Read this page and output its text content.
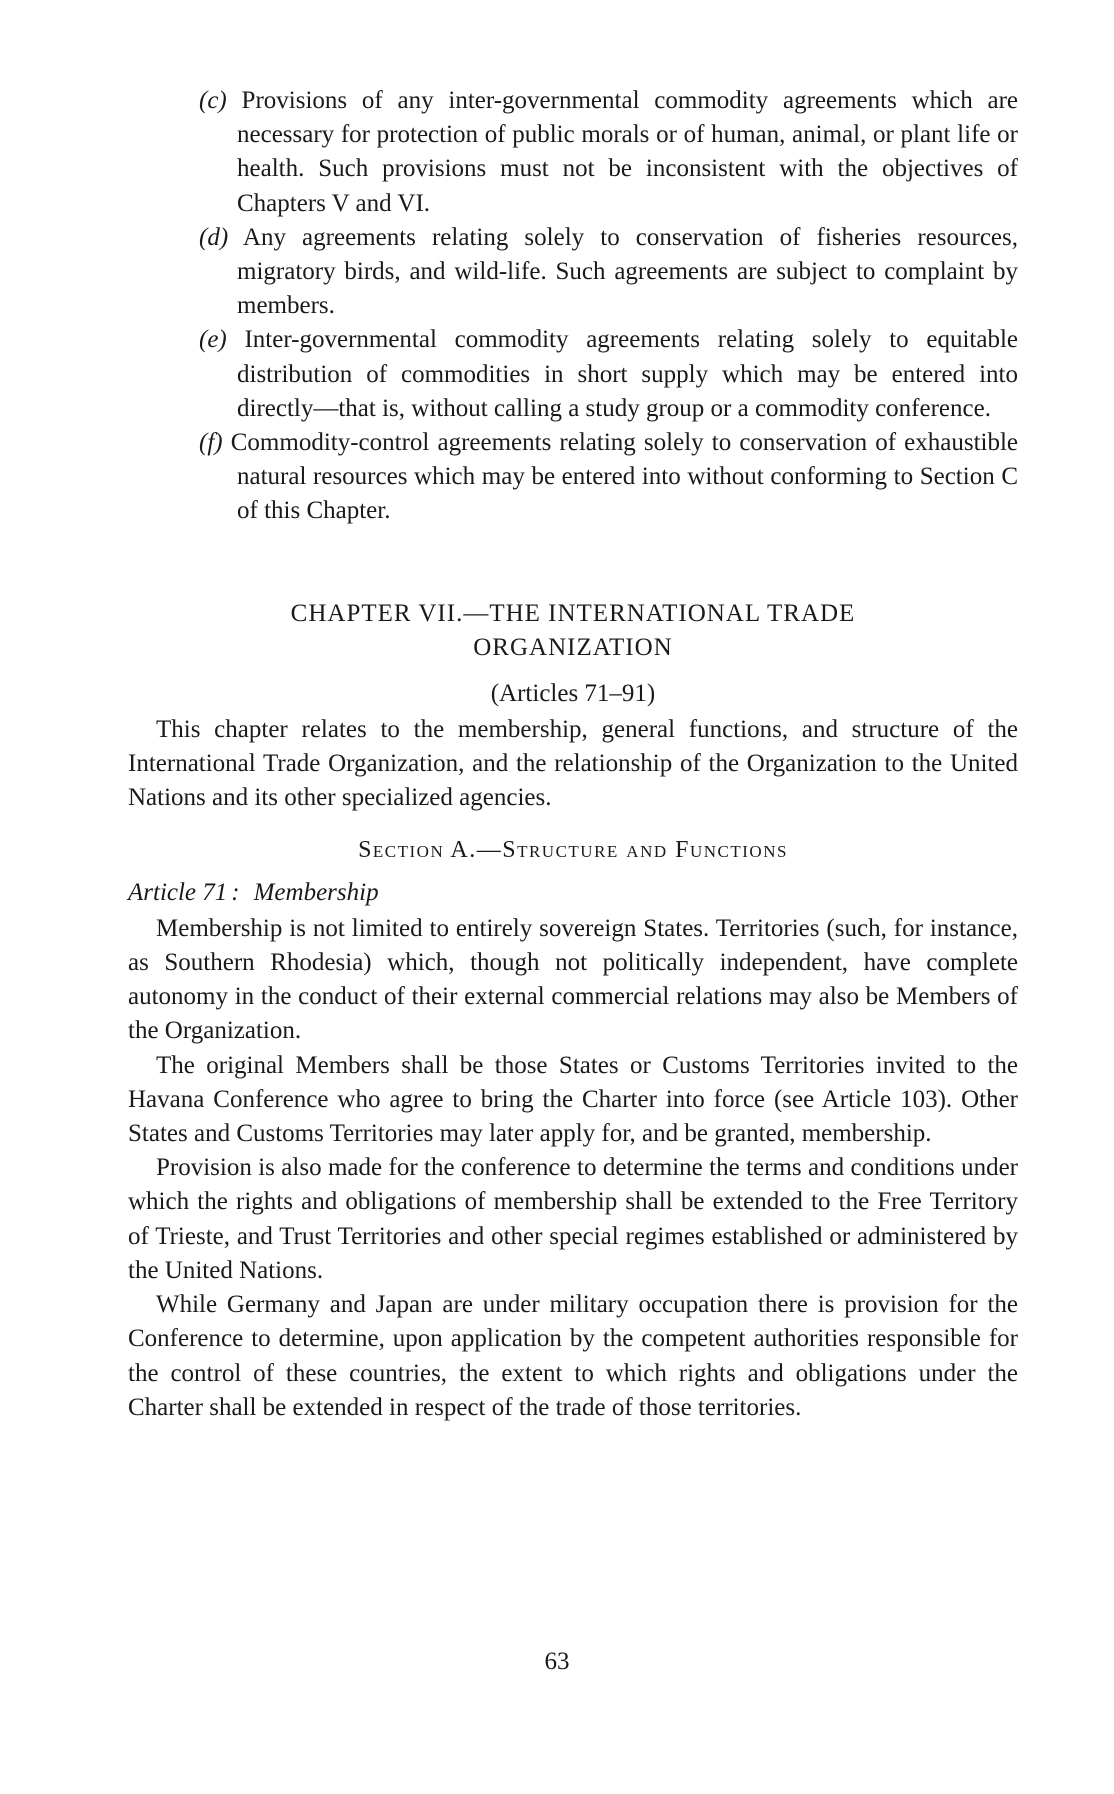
(c) Provisions of any inter-governmental commodity agreements which are necessary for protection of public morals or of human, animal, or plant life or health. Such provisions must not be inconsistent with the objectives of Chapters V and VI.
(d) Any agreements relating solely to conservation of fisheries resources, migratory birds, and wild-life. Such agreements are subject to complaint by members.
(e) Inter-governmental commodity agreements relating solely to equitable distribution of commodities in short supply which may be entered into directly—that is, without calling a study group or a commodity conference.
(f) Commodity-control agreements relating solely to conservation of exhaustible natural resources which may be entered into without conforming to Section C of this Chapter.
CHAPTER VII.—THE INTERNATIONAL TRADE
ORGANIZATION
(Articles 71–91)

This chapter relates to the membership, general functions, and structure of the International Trade Organization, and the relationship of the Organization to the United Nations and its other specialized agencies.

Section A.—Structure and Functions
Article 71 : Membership

Membership is not limited to entirely sovereign States. Territories (such, for instance, as Southern Rhodesia) which, though not politically independent, have complete autonomy in the conduct of their external commercial relations may also be Members of the Organization.

The original Members shall be those States or Customs Territories invited to the Havana Conference who agree to bring the Charter into force (see Article 103). Other States and Customs Territories may later apply for, and be granted, membership.

Provision is also made for the conference to determine the terms and conditions under which the rights and obligations of membership shall be extended to the Free Territory of Trieste, and Trust Territories and other special regimes established or administered by the United Nations.

While Germany and Japan are under military occupation there is provision for the Conference to determine, upon application by the competent authorities responsible for the control of these countries, the extent to which rights and obligations under the Charter shall be extended in respect of the trade of those territories.

63
